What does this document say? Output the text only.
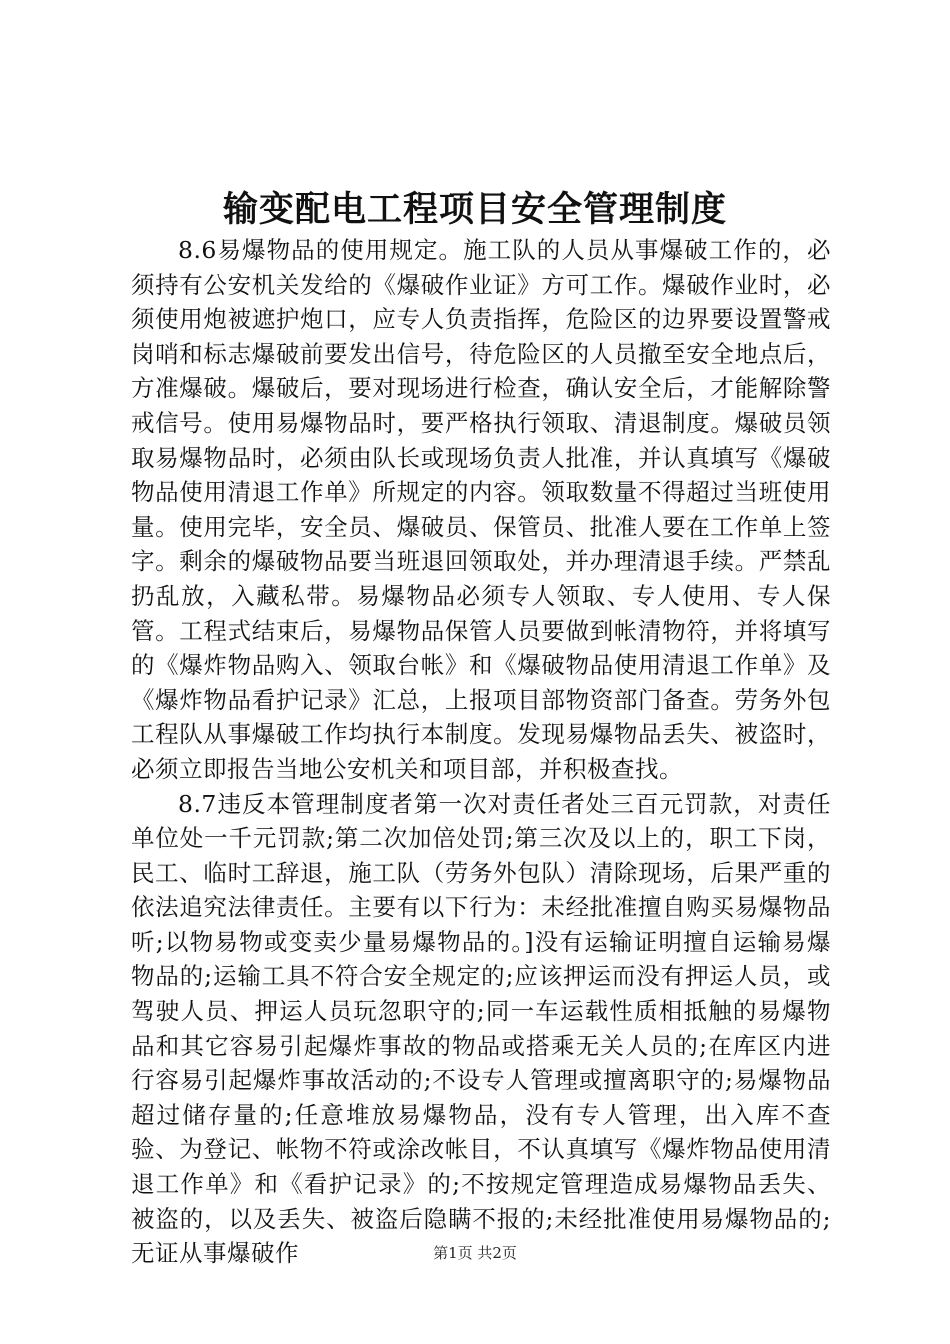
输变配电工程项目安全管理制度

8.6易爆物品的使用规定。施工队的人员从事爆破工作的，必须持有公安机关发给的《爆破作业证》方可工作。爆破作业时，必须使用炮被遮护炮口，应专人负责指挥，危险区的边界要设置警戒岗哨和标志爆破前要发出信号，待危险区的人员撤至安全地点后，方准爆破。爆破后，要对现场进行检查，确认安全后，才能解除警戒信号。使用易爆物品时，要严格执行领取、清退制度。爆破员领取易爆物品时，必须由队长或现场负责人批准，并认真填写《爆破物品使用清退工作单》所规定的内容。领取数量不得超过当班使用量。使用完毕，安全员、爆破员、保管员、批准人要在工作单上签字。剩余的爆破物品要当班退回领取处，并办理清退手续。严禁乱扔乱放，入藏私带。易爆物品必须专人领取、专人使用、专人保管。工程式结束后，易爆物品保管人员要做到帐清物符，并将填写的《爆炸物品购入、领取台帐》和《爆破物品使用清退工作单》及《爆炸物品看护记录》汇总，上报项目部物资部门备查。劳务外包工程队从事爆破工作均执行本制度。发现易爆物品丢失、被盗时，必须立即报告当地公安机关和项目部，并积极查找。

8.7违反本管理制度者第一次对责任者处三百元罚款，对责任单位处一千元罚款;第二次加倍处罚;第三次及以上的，职工下岗，民工、临时工辞退，施工队（劳务外包队）清除现场，后果严重的依法追究法律责任。主要有以下行为：未经批准擅自购买易爆物品听;以物易物或变卖少量易爆物品的。]没有运输证明擅自运输易爆物品的;运输工具不符合安全规定的;应该押运而没有押运人员，或驾驶人员、押运人员玩忽职守的;同一车运载性质相抵触的易爆物品和其它容易引起爆炸事故的物品或搭乘无关人员的;在库区内进行容易引起爆炸事故活动的;不设专人管理或擅离职守的;易爆物品超过储存量的;任意堆放易爆物品，没有专人管理，出入库不查验、为登记、帐物不符或涂改帐目，不认真填写《爆炸物品使用清退工作单》和《看护记录》的;不按规定管理造成易爆物品丢失、被盗的，以及丢失、被盗后隐瞒不报的;未经批准使用易爆物品的;无证从事爆破作	第1页 共2页
